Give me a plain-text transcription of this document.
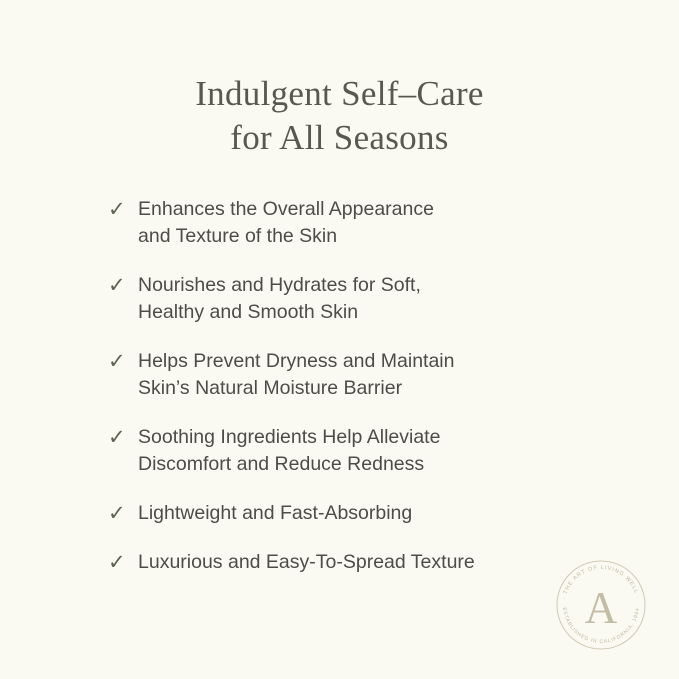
Indulgent Self–Care
for All Seasons
✓ Enhances the Overall Appearance
and Texture of the Skin
✓ Nourishes and Hydrates for Soft,
Healthy and Smooth Skin
✓ Helps Prevent Dryness and Maintain
Skin’s Natural Moisture Barrier
✓ Soothing Ingredients Help Alleviate
Discomfort and Reduce Redness
✓ Lightweight and Fast-Absorbing
✓ Luxurious and Easy-To-Spread Texture
· THE ART OF LIVING WELL ·
ESTABLISHED IN CALIFORNIA, 1964
A
